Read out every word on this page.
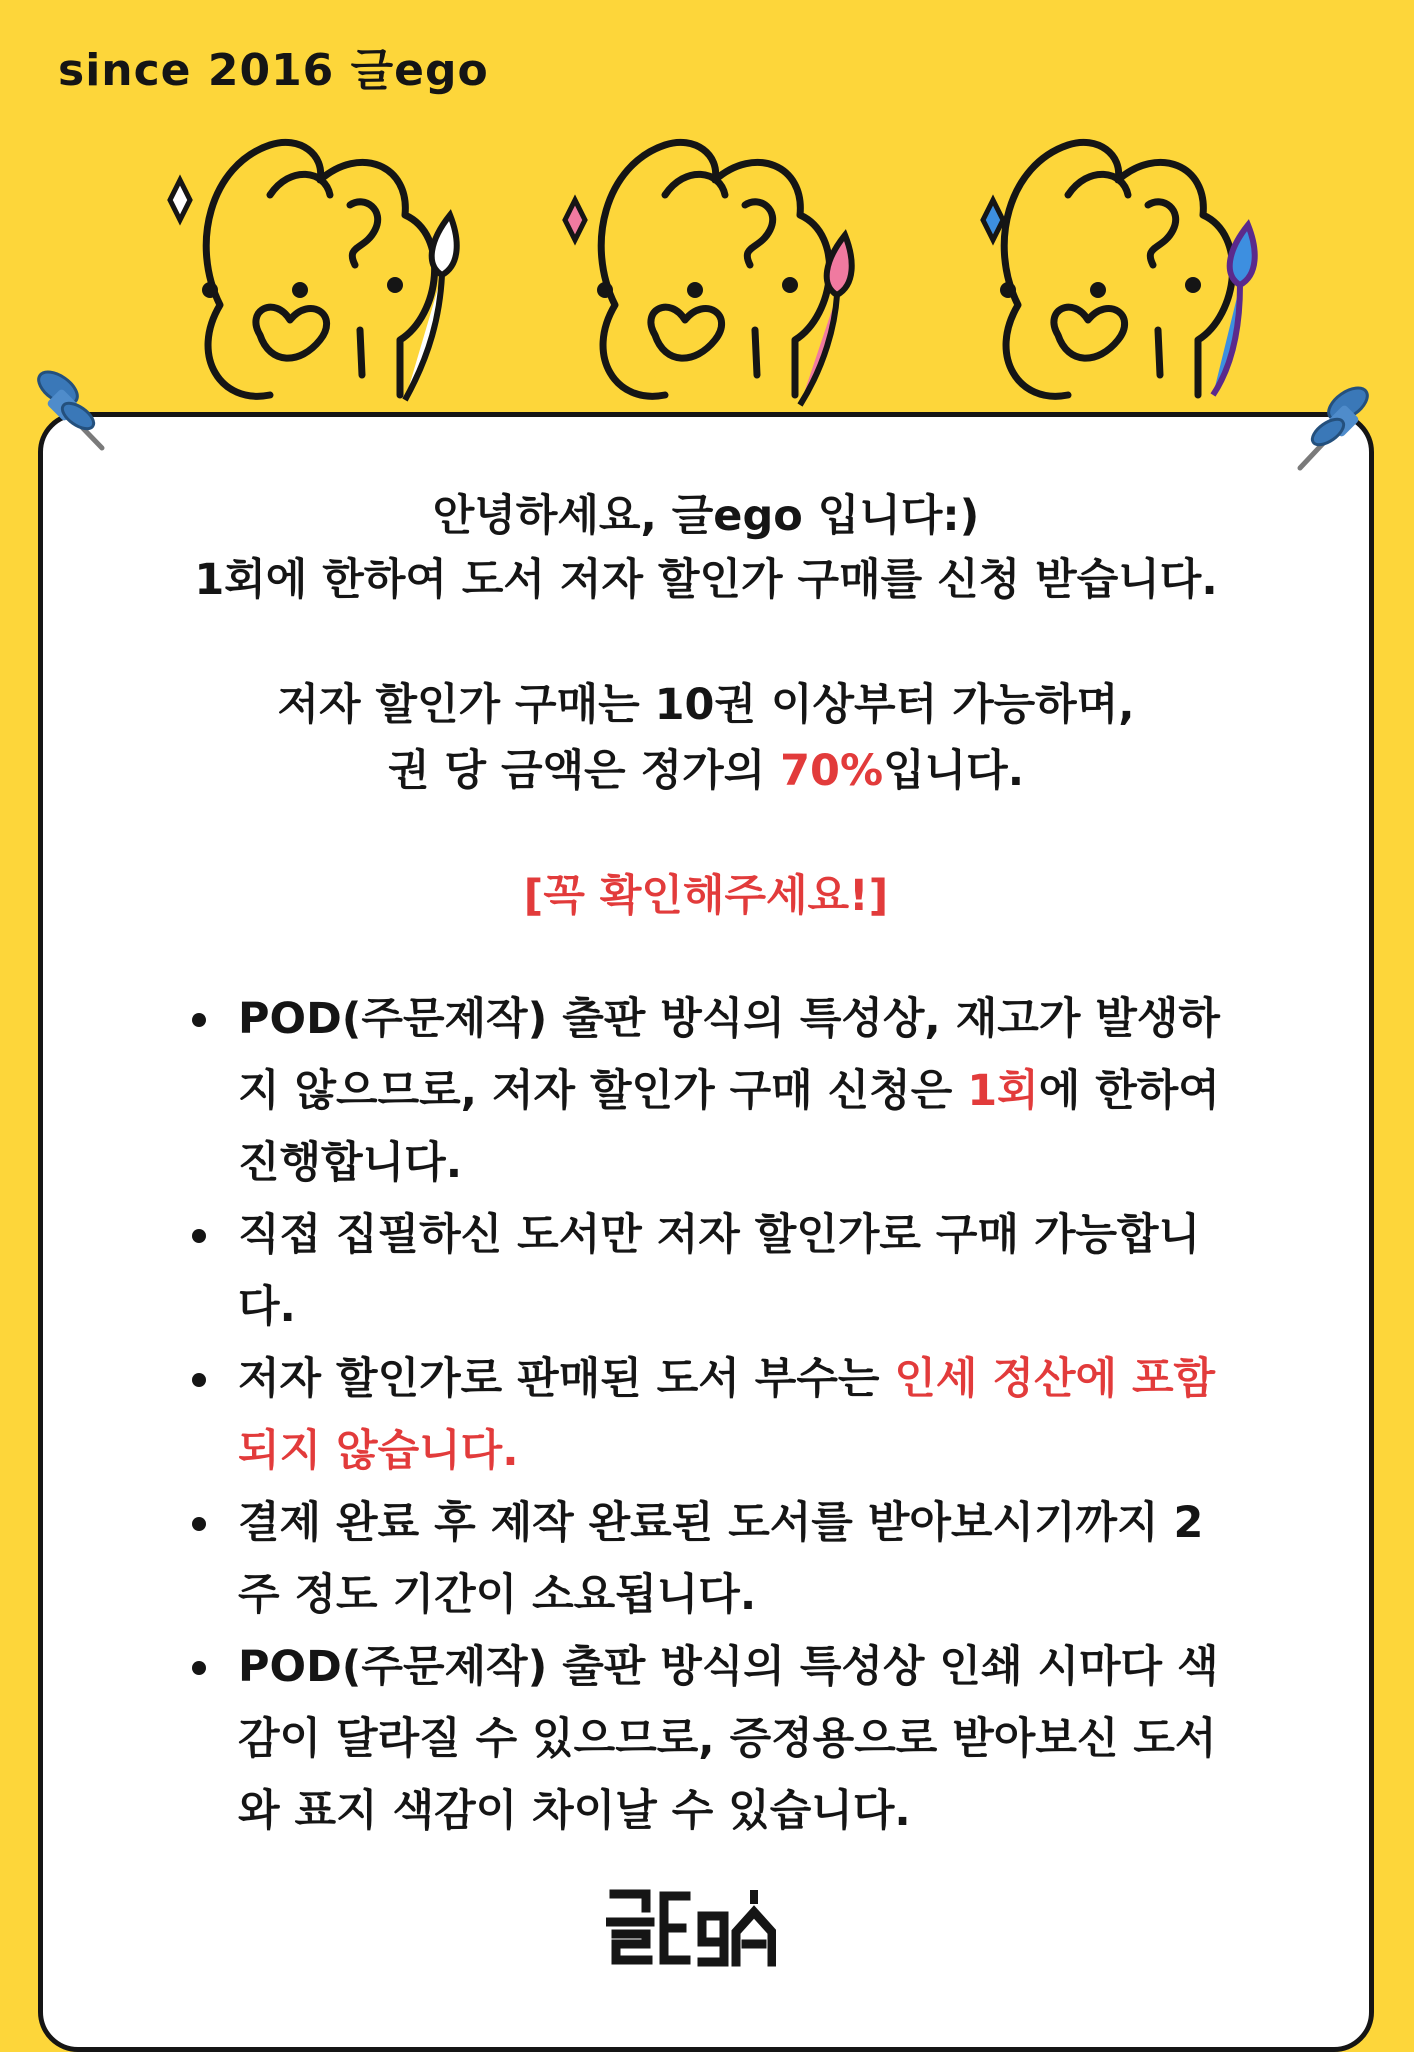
since 2016 글ego
안녕하세요, 글ego 입니다:)
1회에 한하여 도서 저자 할인가 구매를 신청 받습니다.
저자 할인가 구매는 10권 이상부터 가능하며,
권 당 금액은 정가의 70%입니다.
[꼭 확인해주세요!]
POD(주문제작) 출판 방식의 특성상, 재고가 발생하지 않으므로, 저자 할인가 구매 신청은 1회에 한하여 진행합니다.
직접 집필하신 도서만 저자 할인가로 구매 가능합니다.
저자 할인가로 판매된 도서 부수는 인세 정산에 포함되지 않습니다.
결제 완료 후 제작 완료된 도서를 받아보시기까지 2주 정도 기간이 소요됩니다.
POD(주문제작) 출판 방식의 특성상 인쇄 시마다 색감이 달라질 수 있으므로, 증정용으로 받아보신 도서와 표지 색감이 차이날 수 있습니다.
